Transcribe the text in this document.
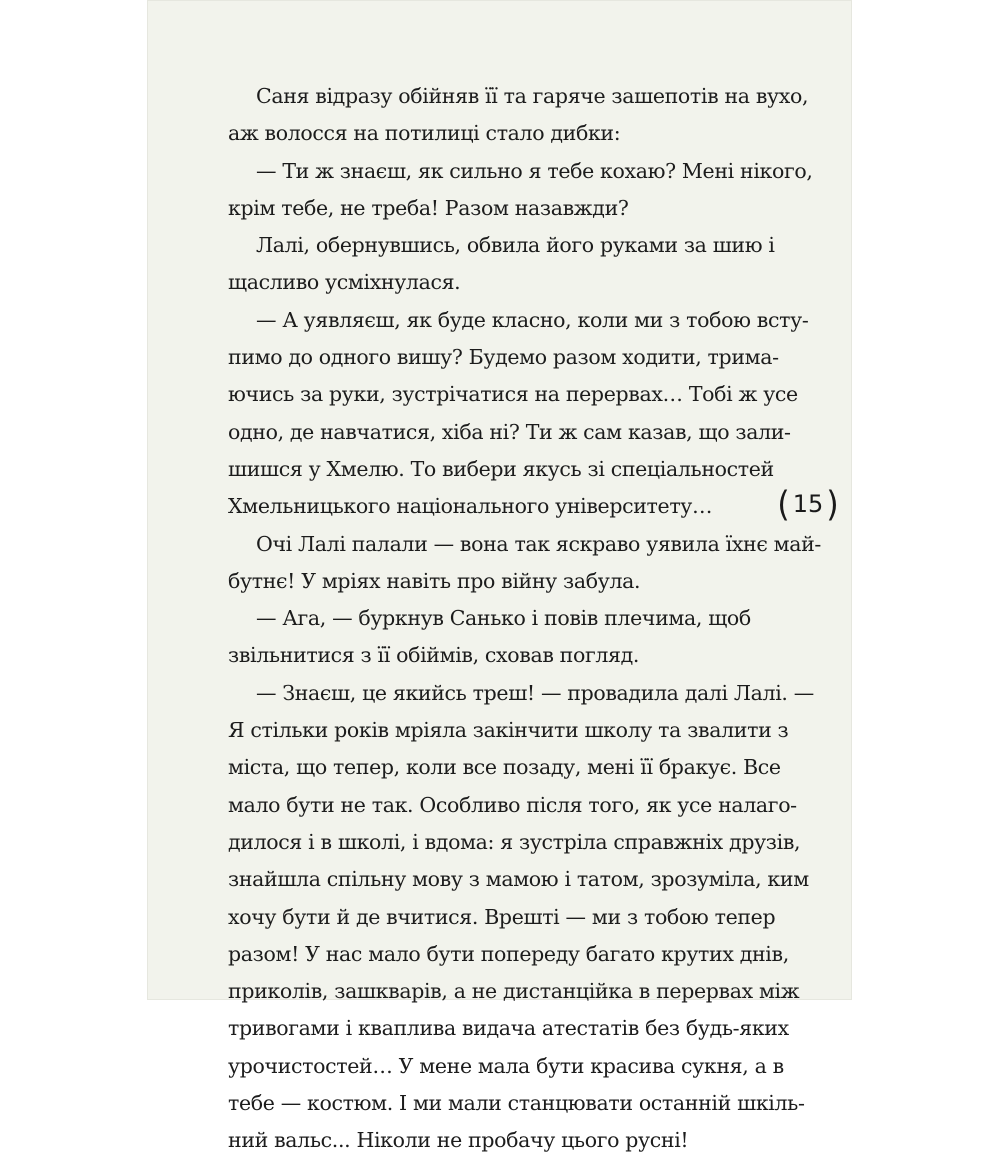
Саня відразу обійняв її та гаряче зашепотів на вухо,
аж волосся на потилиці стало дибки:
— Ти ж знаєш, як сильно я тебе кохаю? Мені нікого,
крім тебе, не треба! Разом назавжди?
Лалі, обернувшись, обвила його руками за шию і
щасливо усміхнулася.
— А уявляєш, як буде класно, коли ми з тобою всту-
пимо до одного вишу? Будемо разом ходити, трима-
ючись за руки, зустрічатися на перервах… Тобі ж усе
одно, де навчатися, хіба ні? Ти ж сам казав, що зали-
шишся у Хмелю. То вибери якусь зі спеціальностей
Хмельницького національного університету…
Очі Лалі палали — вона так яскраво уявила їхнє май-
бутнє! У мріях навіть про війну забула.
— Ага, — буркнув Санько і повів плечима, щоб
звільнитися з її обіймів, сховав погляд.
— Знаєш, це якийсь треш! — провадила далі Лалі. —
Я стільки років мріяла закінчити школу та звалити з
міста, що тепер, коли все позаду, мені її бракує. Все
мало бути не так. Особливо після того, як усе налаго-
дилося і в школі, і вдома: я зустріла справжніх друзів,
знайшла спільну мову з мамою і татом, зрозуміла, ким
хочу бути й де вчитися. Врешті — ми з тобою тепер
разом! У нас мало бути попереду багато крутих днів,
приколів, зашкварів, а не дистанційка в перервах між
тривогами і кваплива видача атестатів без будь-яких
урочистостей… У мене мала бути красива сукня, а в
тебе — костюм. І ми мали станцювати останній шкіль-
ний вальс... Ніколи не пробачу цього русні!
( 15 )
